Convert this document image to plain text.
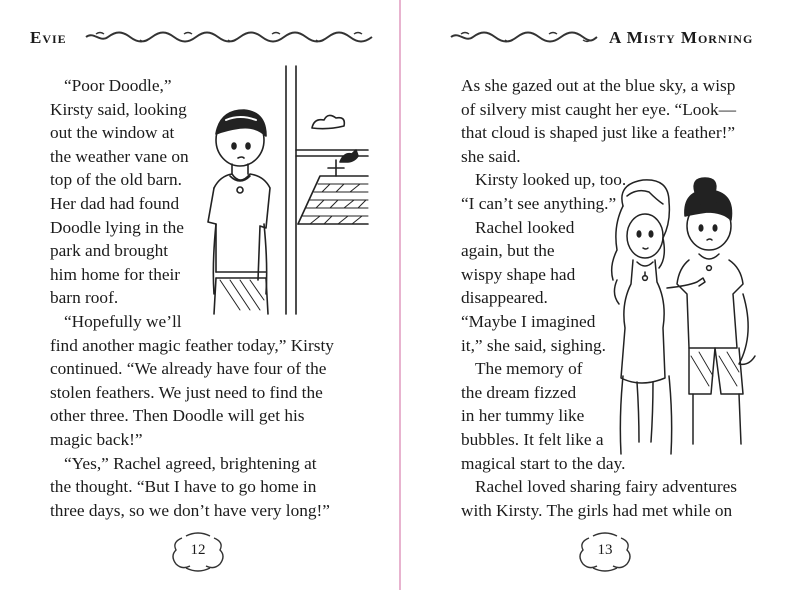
Evie
“Poor Doodle,”
Kirsty said, looking
out the window at
the weather vane on
top of the old barn.
Her dad had found
Doodle lying in the
park and brought
him home for their
barn roof.
“Hopefully we’ll
find another magic feather today,” Kirsty
continued. “We already have four of the
stolen feathers. We just need to find the
other three. Then Doodle will get his
magic back!”
“Yes,” Rachel agreed, brightening at
the thought. “But I have to go home in
three days, so we don’t have very long!”
12
A Misty Morning
As she gazed out at the blue sky, a wisp
of silvery mist caught her eye. “Look—
that cloud is shaped just like a feather!”
she said.
Kirsty looked up, too.
“I can’t see anything.”
Rachel looked
again, but the
wispy shape had
disappeared.
“Maybe I imagined
it,” she said, sighing.
The memory of
the dream fizzed
in her tummy like
bubbles. It felt like a
magical start to the day.
Rachel loved sharing fairy adventures
with Kirsty. The girls had met while on
13
